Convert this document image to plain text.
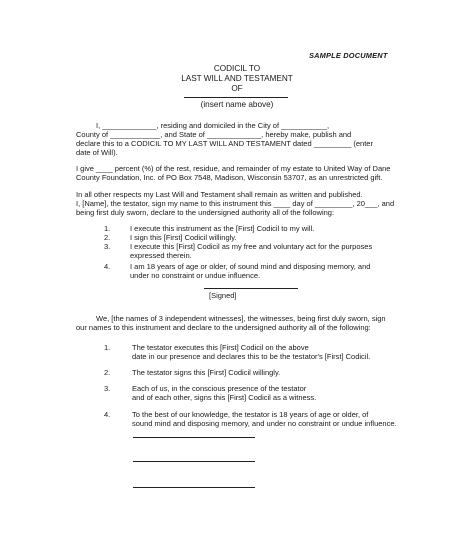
SAMPLE DOCUMENT
CODICIL TO
LAST WILL AND TESTAMENT
OF
(insert name above)
I, _____________, residing and domiciled in the City of ___________,
County of ____________, and State of _____________, hereby make, publish and
declare this to a CODICIL TO MY LAST WILL AND TESTAMENT dated _________ (enter
date of Will).
I give ____ percent (%) of the rest, residue, and remainder of my estate to United Way of Dane
County Foundation, Inc. of PO Box 7548, Madison, Wisconsin 53707, as an unrestricted gift.
In all other respects my Last Will and Testament shall remain as written and published.
I, [Name], the testator, sign my name to this instrument this ____ day of _________, 20___, and
being first duly sworn, declare to the undersigned authority all of the following:
1.	I execute this instrument as the [First] Codicil to my will.
2.	I sign this [First] Codicil willingly.
3.	I execute this [First] Codicil as my free and voluntary act for the purposes
expressed therein.
4.	I am 18 years of age or older, of sound mind and disposing memory, and
under no constraint or undue influence.
[Signed]
We, [the names of 3 independent witnesses], the witnesses, being first duly sworn, sign
our names to this instrument and declare to the undersigned authority all of the following:
1.	The testator executes this [First] Codicil on the above
date in our presence and declares this to be the testator's [First] Codicil.
2.	The testator signs this [First] Codicil willingly.
3.	Each of us, in the conscious presence of the testator
and of each other, signs this [First] Codicil as a witness.
4.	To the best of our knowledge, the testator is 18 years of age or older, of
sound mind and disposing memory, and under no constraint or undue influence.
